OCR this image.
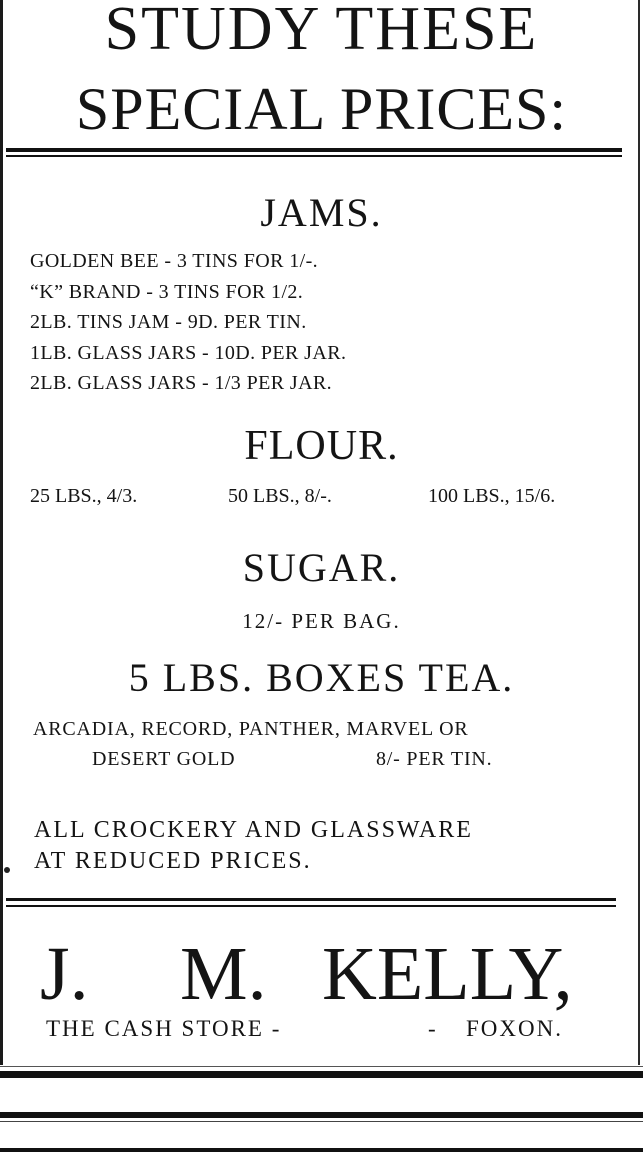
STUDY THESE
SPECIAL PRICES:
JAMS.
GOLDEN BEE - 3 TINS FOR 1/-.
“K” BRAND - 3 TINS FOR 1/2.
2LB. TINS JAM - 9D. PER TIN.
1LB. GLASS JARS - 10D. PER JAR.
2LB. GLASS JARS - 1/3 PER JAR.
FLOUR.
25 LBS., 4/3.	50 LBS., 8/-.	100 LBS., 15/6.
SUGAR.
12/- PER BAG.
5 LBS. BOXES TEA.
ARCADIA, RECORD, PANTHER, MARVEL OR
DESERT GOLD	8/- PER TIN.
ALL CROCKERY AND GLASSWARE
AT REDUCED PRICES.
J. M. KELLY,
THE CASH STORE -	- FOXON.
